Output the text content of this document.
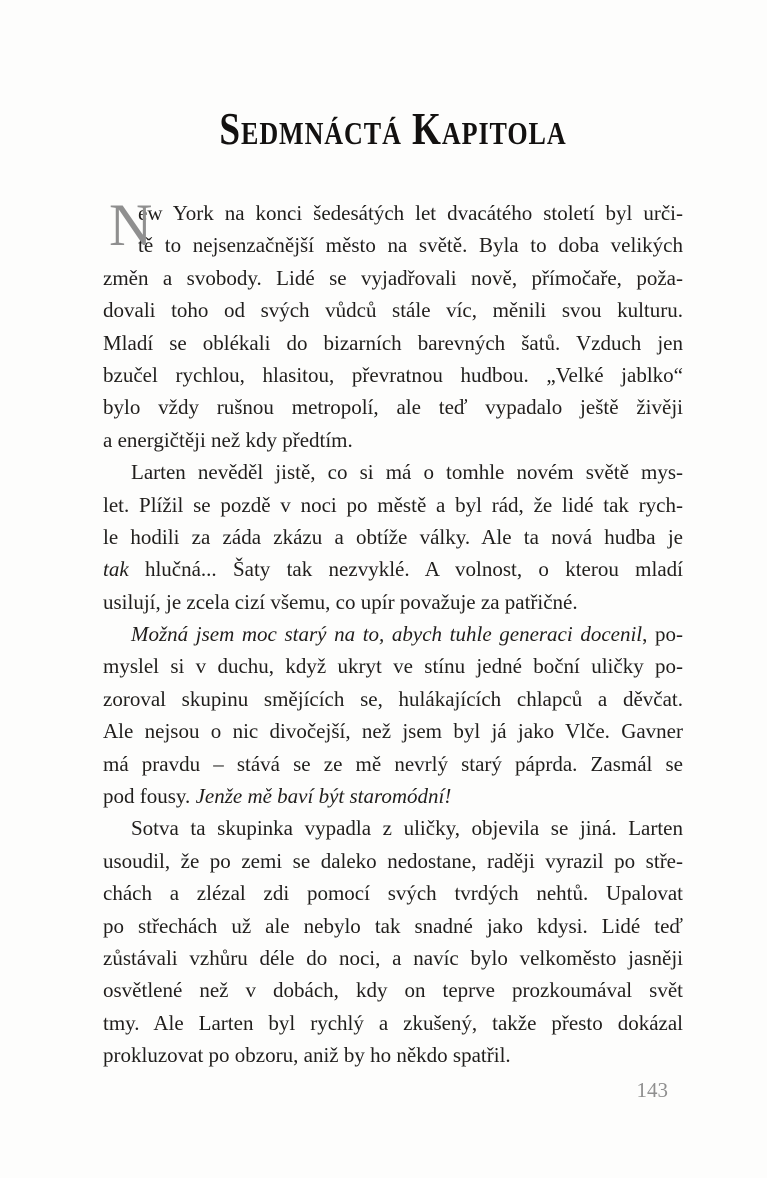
Sedmnáctá Kapitola
N
ew York na konci šedesátých let dvacátého století byl urči-
tě to nejsenzačnější město na světě. Byla to doba velikých
změn a svobody. Lidé se vyjadřovali nově, přímočaře, poža-
dovali toho od svých vůdců stále víc, měnili svou kulturu.
Mladí se oblékali do bizarních barevných šatů. Vzduch jen
bzučel rychlou, hlasitou, převratnou hudbou. „Velké jablko“
bylo vždy rušnou metropolí, ale teď vypadalo ještě živěji
a energičtěji než kdy předtím.
Larten nevěděl jistě, co si má o tomhle novém světě mys-
let. Plížil se pozdě v noci po městě a byl rád, že lidé tak rych-
le hodili za záda zkázu a obtíže války. Ale ta nová hudba je
tak hlučná... Šaty tak nezvyklé. A volnost, o kterou mladí
usilují, je zcela cizí všemu, co upír považuje za patřičné.
Možná jsem moc starý na to, abych tuhle generaci docenil, po-
myslel si v duchu, když ukryt ve stínu jedné boční uličky po-
zoroval skupinu smějících se, hulákajících chlapců a děvčat.
Ale nejsou o nic divočejší, než jsem byl já jako Vlče. Gavner
má pravdu – stává se ze mě nevrlý starý páprda. Zasmál se
pod fousy. Jenže mě baví být staromódní!
Sotva ta skupinka vypadla z uličky, objevila se jiná. Larten
usoudil, že po zemi se daleko nedostane, raději vyrazil po stře-
chách a zlézal zdi pomocí svých tvrdých nehtů. Upalovat
po střechách už ale nebylo tak snadné jako kdysi. Lidé teď
zůstávali vzhůru déle do noci, a navíc bylo velkoměsto jasněji
osvětlené než v dobách, kdy on teprve prozkoumával svět
tmy. Ale Larten byl rychlý a zkušený, takže přesto dokázal
prokluzovat po obzoru, aniž by ho někdo spatřil.
143
